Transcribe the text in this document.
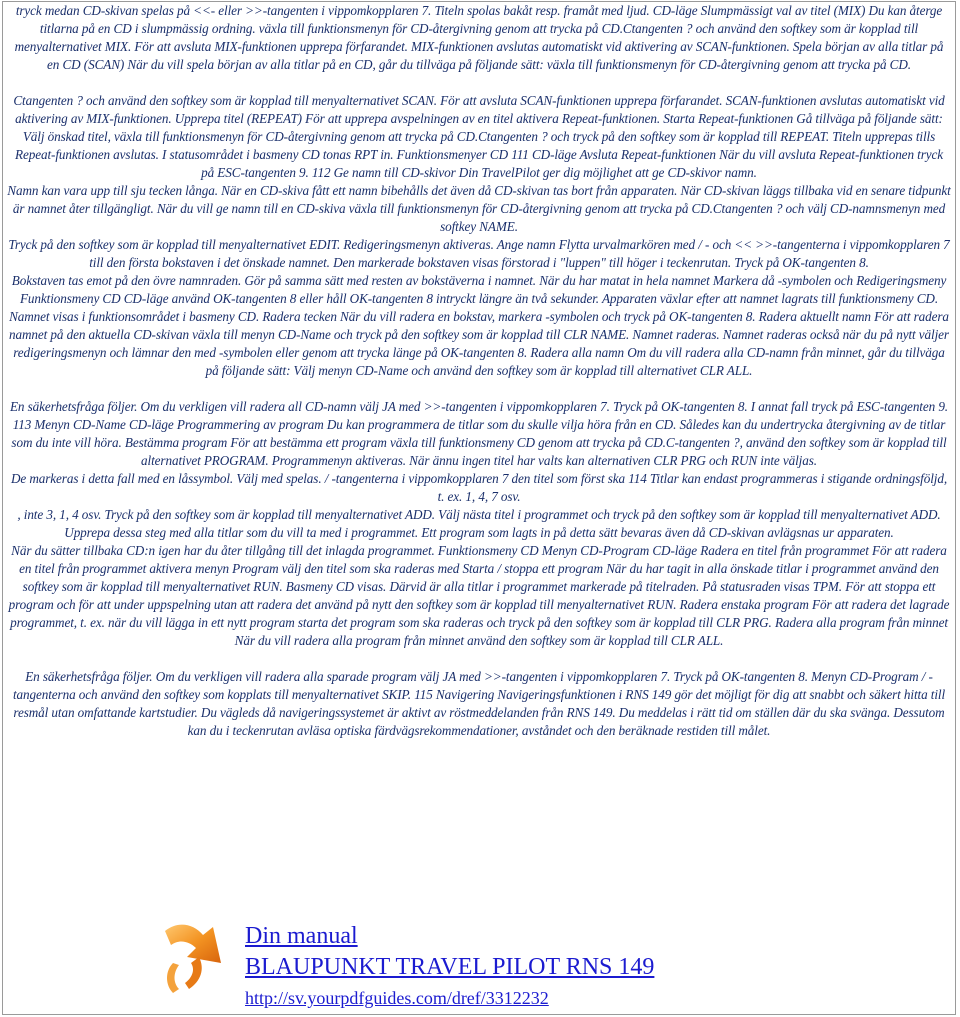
tryck medan CD-skivan spelas på <<- eller >>-tangenten i vippomkopplaren 7. Titeln spolas bakåt resp. framåt med ljud. CD-läge Slumpmässigt val av titel (MIX) Du kan återge titlarna på en CD i slumpmässig ordning. växla till funktionsmenyn för CD-återgivning genom att trycka på CD.Ctangenten ? och använd den softkey som är kopplad till menyalternativet MIX. För att avsluta MIX-funktionen upprepa förfarandet. MIX-funktionen avslutas automatiskt vid aktivering av SCAN-funktionen. Spela början av alla titlar på en CD (SCAN) När du vill spela början av alla titlar på en CD, går du tillväga på följande sätt: växla till funktionsmenyn för CD-återgivning genom att trycka på CD.

Ctangenten ? och använd den softkey som är kopplad till menyalternativet SCAN. För att avsluta SCAN-funktionen upprepa förfarandet. SCAN-funktionen avslutas automatiskt vid aktivering av MIX-funktionen. Upprepa titel (REPEAT) För att upprepa avspelningen av en titel aktivera Repeat-funktionen. Starta Repeat-funktionen Gå tillväga på följande sätt: Välj önskad titel, växla till funktionsmenyn för CD-återgivning genom att trycka på CD.Ctangenten ? och tryck på den softkey som är kopplad till REPEAT. Titeln upprepas tills Repeat-funktionen avslutas. I statusområdet i basmeny CD tonas RPT in. Funktionsmenyer CD 111 CD-läge Avsluta Repeat-funktionen När du vill avsluta Repeat-funktionen tryck på ESC-tangenten 9. 112 Ge namn till CD-skivor Din TravelPilot ger dig möjlighet att ge CD-skivor namn.

Namn kan vara upp till sju tecken långa. När en CD-skiva fått ett namn bibehålls det även då CD-skivan tas bort från apparaten. När CD-skivan läggs tillbaka vid en senare tidpunkt är namnet åter tillgängligt. När du vill ge namn till en CD-skiva växla till funktionsmenyn för CD-återgivning genom att trycka på CD.Ctangenten ? och välj CD-namnsmenyn med softkey NAME.

Tryck på den softkey som är kopplad till menyalternativet EDIT. Redigeringsmenyn aktiveras. Ange namn Flytta urvalmarkören med / - och << >>-tangenterna i vippomkopplaren 7 till den första bokstaven i det önskade namnet. Den markerade bokstaven visas förstorad i "luppen" till höger i teckenrutan. Tryck på OK-tangenten 8.

Bokstaven tas emot på den övre namnraden. Gör på samma sätt med resten av bokstäverna i namnet. När du har matat in hela namnet Markera då -symbolen och Redigeringsmeny Funktionsmeny CD CD-läge använd OK-tangenten 8 eller håll OK-tangenten 8 intryckt längre än två sekunder. Apparaten växlar efter att namnet lagrats till funktionsmeny CD. Namnet visas i funktionsområdet i basmeny CD. Radera tecken När du vill radera en bokstav, markera -symbolen och tryck på OK-tangenten 8. Radera aktuellt namn För att radera namnet på den aktuella CD-skivan växla till menyn CD-Name och tryck på den softkey som är kopplad till CLR NAME. Namnet raderas. Namnet raderas också när du på nytt väljer redigeringsmenyn och lämnar den med -symbolen eller genom att trycka länge på OK-tangenten 8. Radera alla namn Om du vill radera alla CD-namn från minnet, går du tillväga på följande sätt: Välj menyn CD-Name och använd den softkey som är kopplad till alternativet CLR ALL.

En säkerhetsfråga följer. Om du verkligen vill radera all CD-namn välj JA med >>-tangenten i vippomkopplaren 7. Tryck på OK-tangenten 8. I annat fall tryck på ESC-tangenten 9. 113 Menyn CD-Name CD-läge Programmering av program Du kan programmera de titlar som du skulle vilja höra från en CD. Således kan du undertrycka återgivning av de titlar som du inte vill höra. Bestämma program För att bestämma ett program växla till funktionsmeny CD genom att trycka på CD.C-tangenten ?, använd den softkey som är kopplad till alternativet PROGRAM. Programmenyn aktiveras. När ännu ingen titel har valts kan alternativen CLR PRG och RUN inte väljas.

De markeras i detta fall med en låssymbol. Välj med spelas. / -tangenterna i vippomkopplaren 7 den titel som först ska 114 Titlar kan endast programmeras i stigande ordningsföljd, t. ex. 1, 4, 7 osv.

, inte 3, 1, 4 osv. Tryck på den softkey som är kopplad till menyalternativet ADD. Välj nästa titel i programmet och tryck på den softkey som är kopplad till menyalternativet ADD. Upprepa dessa steg med alla titlar som du vill ta med i programmet. Ett program som lagts in på detta sätt bevaras även då CD-skivan avlägsnas ur apparaten.

När du sätter tillbaka CD:n igen har du åter tillgång till det inlagda programmet. Funktionsmeny CD Menyn CD-Program CD-läge Radera en titel från programmet För att radera en titel från programmet aktivera menyn Program välj den titel som ska raderas med Starta / stoppa ett program När du har tagit in alla önskade titlar i programmet använd den softkey som är kopplad till menyalternativet RUN. Basmeny CD visas. Därvid är alla titlar i programmet markerade på titelraden. På statusraden visas TPM. För att stoppa ett program och för att under uppspelning utan att radera det använd på nytt den softkey som är kopplad till menyalternativet RUN. Radera enstaka program För att radera det lagrade programmet, t. ex. när du vill lägga in ett nytt program starta det program som ska raderas och tryck på den softkey som är kopplad till CLR PRG. Radera alla program från minnet När du vill radera alla program från minnet använd den softkey som är kopplad till CLR ALL.

En säkerhetsfråga följer. Om du verkligen vill radera alla sparade program välj JA med >>-tangenten i vippomkopplaren 7. Tryck på OK-tangenten 8. Menyn CD-Program / -tangenterna och använd den softkey som kopplats till menyalternativet SKIP. 115 Navigering Navigeringsfunktionen i RNS 149 gör det möjligt för dig att snabbt och säkert hitta till resmål utan omfattande kartstudier. Du vägleds då navigeringssystemet är aktivt av röstmeddelanden från RNS 149. Du meddelas i rätt tid om ställen där du ska svänga. Dessutom kan du i teckenrutan avläsa optiska färdvägsrekommendationer, avståndet och den beräknade restiden till målet.

Din manual
BLAUPUNKT TRAVEL PILOT RNS 149
http://sv.yourpdfguides.com/dref/3312232
